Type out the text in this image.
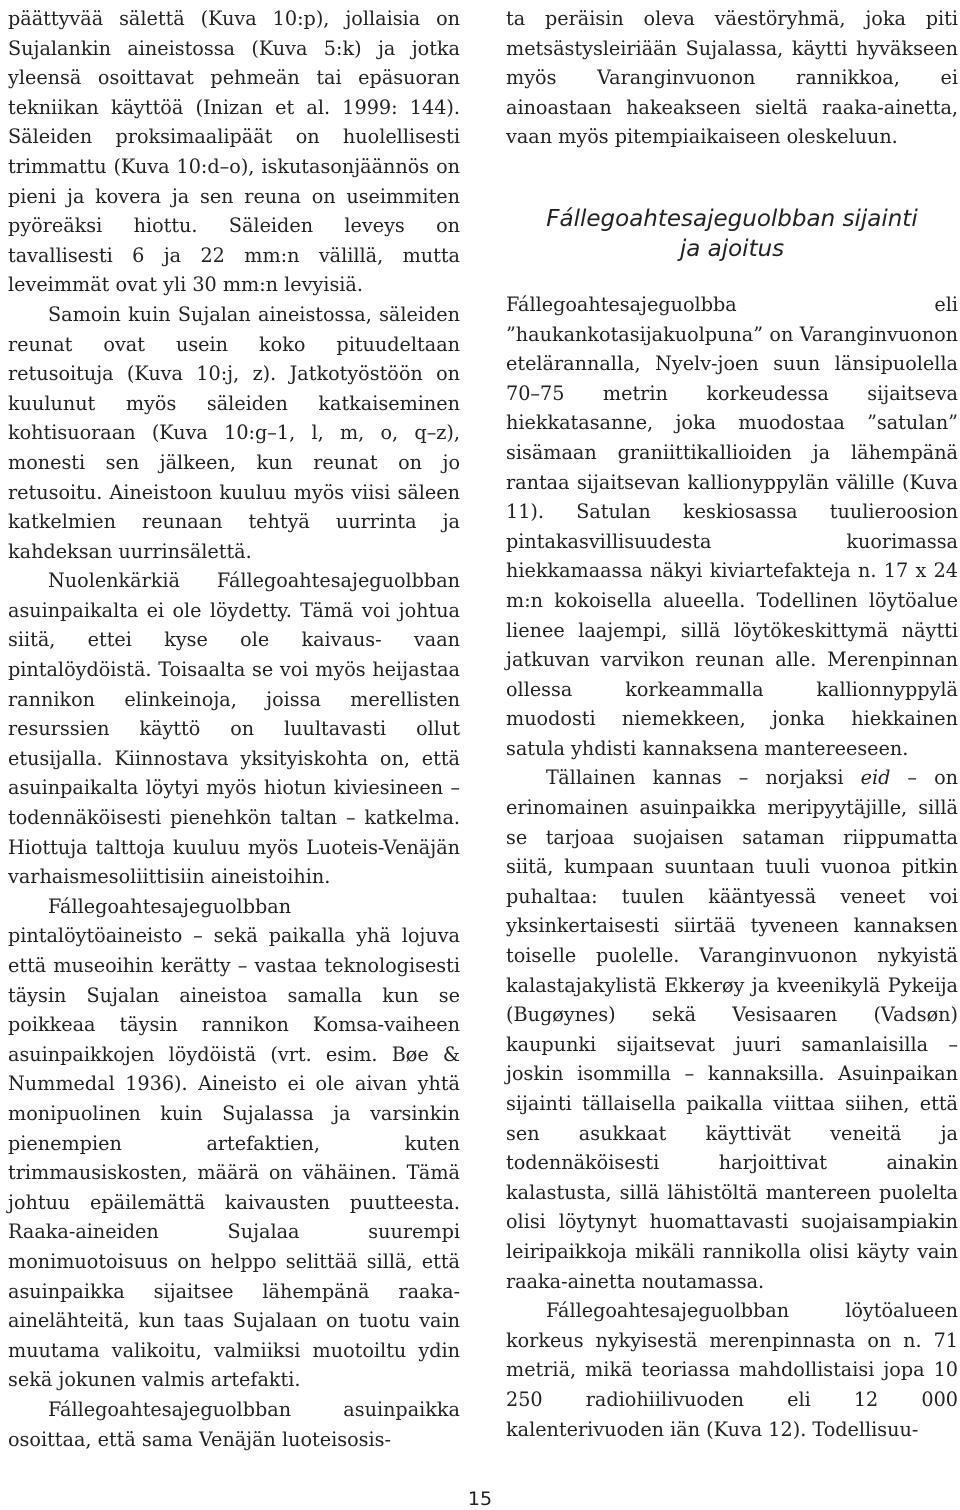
päättyvää sälettä (Kuva 10:p), jollaisia on Sujalankin aineistossa (Kuva 5:k) ja jotka yleensä osoittavat pehmeän tai epäsuoran tekniikan käyttöä (Inizan et al. 1999: 144). Säleiden proksimaalipäät on huolellisesti trimmattu (Kuva 10:d–o), iskutasonjäännös on pieni ja kovera ja sen reuna on useimmiten pyöreäksi hiottu. Säleiden leveys on tavallisesti 6 ja 22 mm:n välillä, mutta leveimmät ovat yli 30 mm:n levyisiä.

Samoin kuin Sujalan aineistossa, säleiden reunat ovat usein koko pituudeltaan retusoituja (Kuva 10:j, z). Jatkotyöstöön on kuulunut myös säleiden katkaiseminen kohtisuoraan (Kuva 10:g–1, l, m, o, q–z), monesti sen jälkeen, kun reunat on jo retusoitu. Aineistoon kuuluu myös viisi säleen katkelmien reunaan tehtyä uurrinta ja kahdeksan uurrinsälettä.

Nuolenkärkiä Fállegoahtesajeguolbban asuinpaikalta ei ole löydetty. Tämä voi johtua siitä, ettei kyse ole kaivaus- vaan pintalöydöistä. Toisaalta se voi myös heijastaa rannikon elinkeinoja, joissa merellisten resurssien käyttö on luultavasti ollut etusijalla. Kiinnostava yksityiskohta on, että asuinpaikalta löytyi myös hiotun kiviesineen – todennäköisesti pienehkön taltan – katkelma. Hiottuja talttoja kuuluu myös Luoteis-Venäjän varhaismesoliittisiin aineistoihin.

Fállegoahtesajeguolbban pintalöytöaineisto – sekä paikalla yhä lojuva että museoihin kerätty – vastaa teknologisesti täysin Sujalan aineistoa samalla kun se poikkeaa täysin rannikon Komsa-vaiheen asuinpaikkojen löydöistä (vrt. esim. Bøe & Nummedal 1936). Aineisto ei ole aivan yhtä monipuolinen kuin Sujalassa ja varsinkin pienempien artefaktien, kuten trimmausiskosten, määrä on vähäinen. Tämä johtuu epäilemättä kaivausten puutteesta. Raaka-aineiden Sujalaa suurempi monimuotoisuus on helppo selittää sillä, että asuinpaikka sijaitsee lähempänä raaka-ainelähteitä, kun taas Sujalaan on tuotu vain muutama valikoitu, valmiiksi muotoiltu ydin sekä jokunen valmis artefakti.

Fállegoahtesajeguolbban asuinpaikka osoittaa, että sama Venäjän luoteisosis-

ta peräisin oleva väestöryhmä, joka piti metsästysleiriään Sujalassa, käytti hyväkseen myös Varanginvuonon rannikkoa, ei ainoastaan hakeakseen sieltä raaka-ainetta, vaan myös pitempiaikaiseen oleskeluun.

Fállegoahtesajeguolbban sijainti
ja ajoitus

Fállegoahtesajeguolbba eli ”haukankotasijakuolpuna” on Varanginvuonon etelärannalla, Nyelv-joen suun länsipuolella 70–75 metrin korkeudessa sijaitseva hiekkatasanne, joka muodostaa ”satulan” sisämaan graniittikallioiden ja lähempänä rantaa sijaitsevan kallionyppylän välille (Kuva 11). Satulan keskiosassa tuulieroosion pintakasvillisuudesta kuorimassa hiekkamaassa näkyi kiviartefakteja n. 17 x 24 m:n kokoisella alueella. Todellinen löytöalue lienee laajempi, sillä löytökeskittymä näytti jatkuvan varvikon reunan alle. Merenpinnan ollessa korkeammalla kallionnyppylä muodosti niemekkeen, jonka hiekkainen satula yhdisti kannaksena mantereeseen.

Tällainen kannas – norjaksi eid – on erinomainen asuinpaikka meripyytäjille, sillä se tarjoaa suojaisen sataman riippumatta siitä, kumpaan suuntaan tuuli vuonoa pitkin puhaltaa: tuulen kääntyessä veneet voi yksinkertaisesti siirtää tyveneen kannaksen toiselle puolelle. Varanginvuonon nykyistä kalastajakylistä Ekkerøy ja kveenikylä Pykeija (Bugøynes) sekä Vesisaaren (Vadsøn) kaupunki sijaitsevat juuri samanlaisilla – joskin isommilla – kannaksilla. Asuinpaikan sijainti tällaisella paikalla viittaa siihen, että sen asukkaat käyttivät veneitä ja todennäköisesti harjoittivat ainakin kalastusta, sillä lähistöltä mantereen puolelta olisi löytynyt huomattavasti suojaisampiakin leiripaikkoja mikäli rannikolla olisi käyty vain raaka-ainetta noutamassa.

Fállegoahtesajeguolbban löytöalueen korkeus nykyisestä merenpinnasta on n. 71 metriä, mikä teoriassa mahdollistaisi jopa 10 250 radiohiilivuoden eli 12 000 kalenterivuoden iän (Kuva 12). Todellisuu-

15
